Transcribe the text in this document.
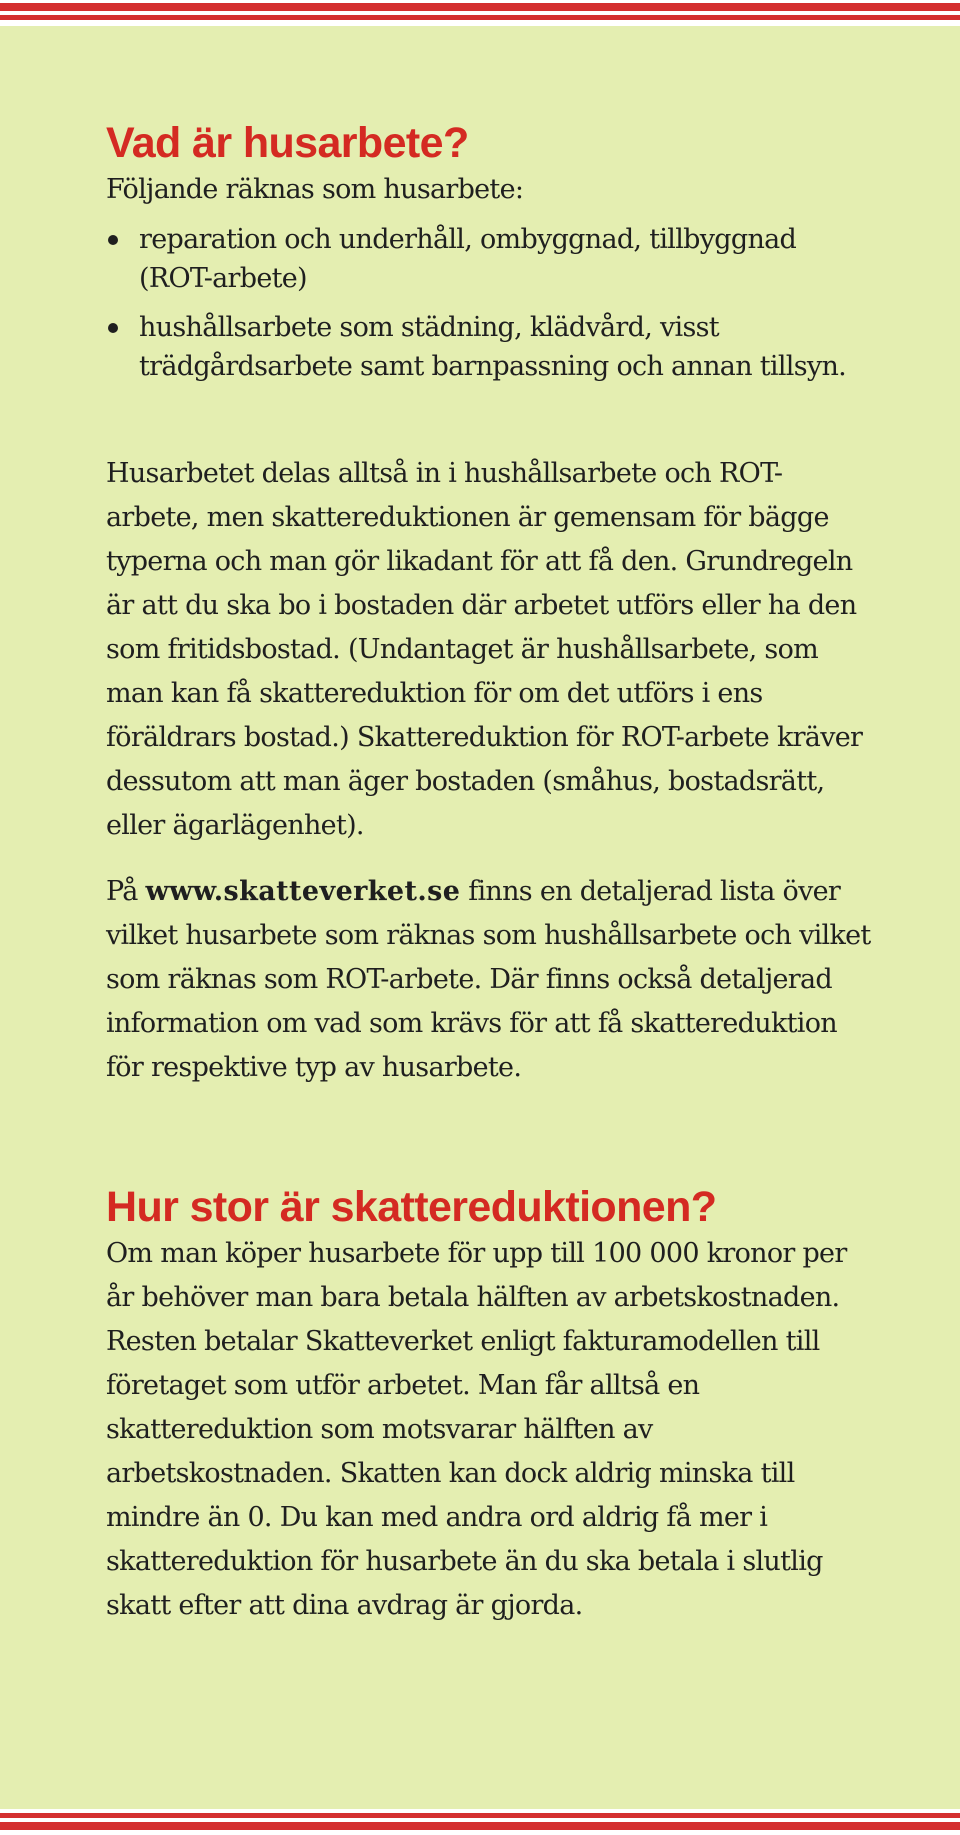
Vad är husarbete?

Följande räknas som husarbete:

reparation och underhåll, ombyggnad, tillbyggnad (ROT-arbete)
hushållsarbete som städning, klädvård, visst trädgårdsarbete samt barnpassning och annan tillsyn.

Husarbetet delas alltså in i hushållsarbete och ROT-arbete, men skattereduktionen är gemensam för bägge typerna och man gör likadant för att få den. Grundregeln är att du ska bo i bostaden där arbetet utförs eller ha den som fritidsbostad. (Undantaget är hushållsarbete, som man kan få skattereduktion för om det utförs i ens föräldrars bostad.) Skattereduktion för ROT-arbete kräver dessutom att man äger bostaden (småhus, bostadsrätt, eller ägarlägenhet).

På www.skatteverket.se finns en detaljerad lista över vilket husarbete som räknas som hushållsarbete och vilket som räknas som ROT-arbete. Där finns också detaljerad information om vad som krävs för att få skattereduktion för respektive typ av husarbete.

Hur stor är skattereduktionen?

Om man köper husarbete för upp till 100 000 kronor per år behöver man bara betala hälften av arbetskostnaden. Resten betalar Skatteverket enligt fakturamodellen till företaget som utför arbetet. Man får alltså en skattereduktion som motsvarar hälften av arbetskostnaden. Skatten kan dock aldrig minska till mindre än 0. Du kan med andra ord aldrig få mer i skattereduktion för husarbete än du ska betala i slutlig skatt efter att dina avdrag är gjorda.
